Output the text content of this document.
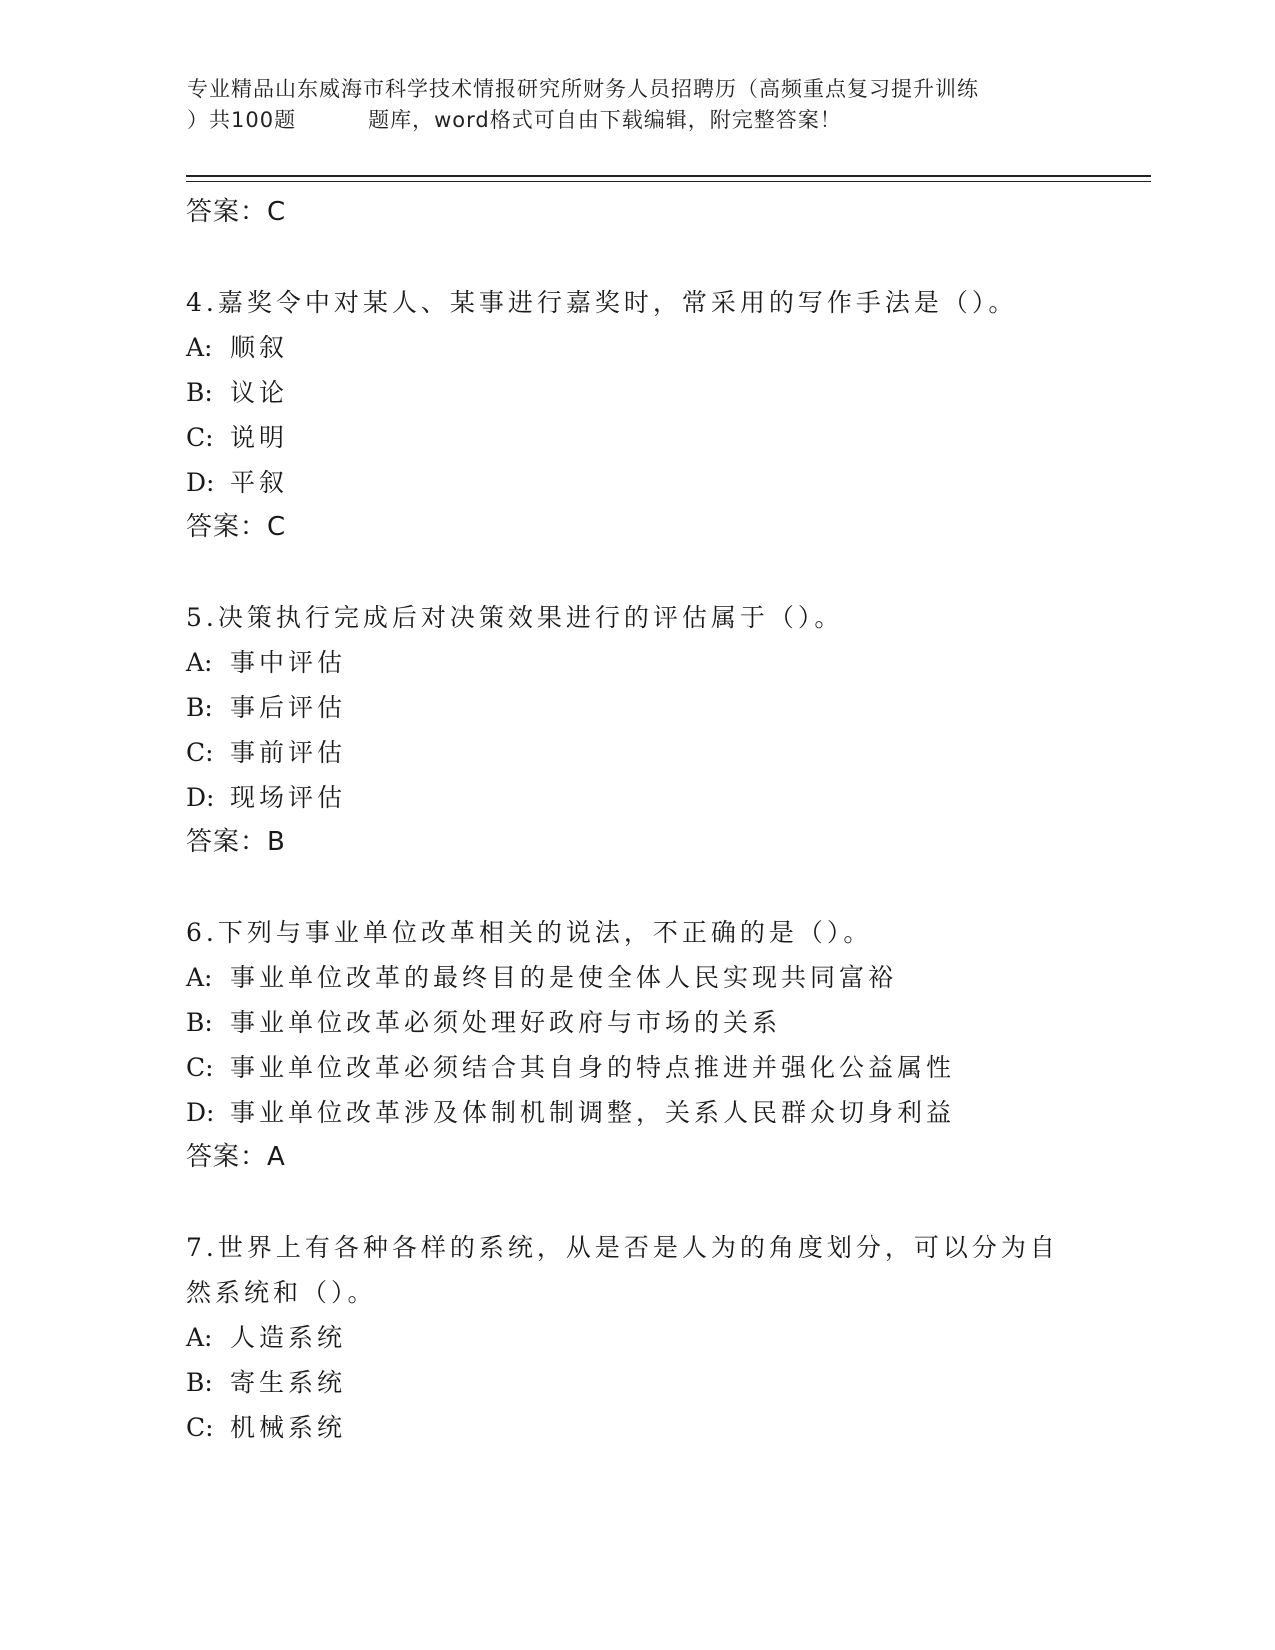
专业精品山东威海市科学技术情报研究所财务人员招聘历（高频重点复习提升训练
）共100题	题库，word格式可自由下载编辑，附完整答案！
答案：C
4.嘉奖令中对某人、某事进行嘉奖时，常采用的写作手法是（）。
A: 顺叙
B: 议论
C: 说明
D: 平叙
答案：C
5.决策执行完成后对决策效果进行的评估属于（）。
A: 事中评估
B: 事后评估
C: 事前评估
D: 现场评估
答案：B
6.下列与事业单位改革相关的说法，不正确的是（）。
A: 事业单位改革的最终目的是使全体人民实现共同富裕
B: 事业单位改革必须处理好政府与市场的关系
C: 事业单位改革必须结合其自身的特点推进并强化公益属性
D: 事业单位改革涉及体制机制调整，关系人民群众切身利益
答案：A
7.世界上有各种各样的系统，从是否是人为的角度划分，可以分为自
然系统和（）。
A: 人造系统
B: 寄生系统
C: 机械系统
